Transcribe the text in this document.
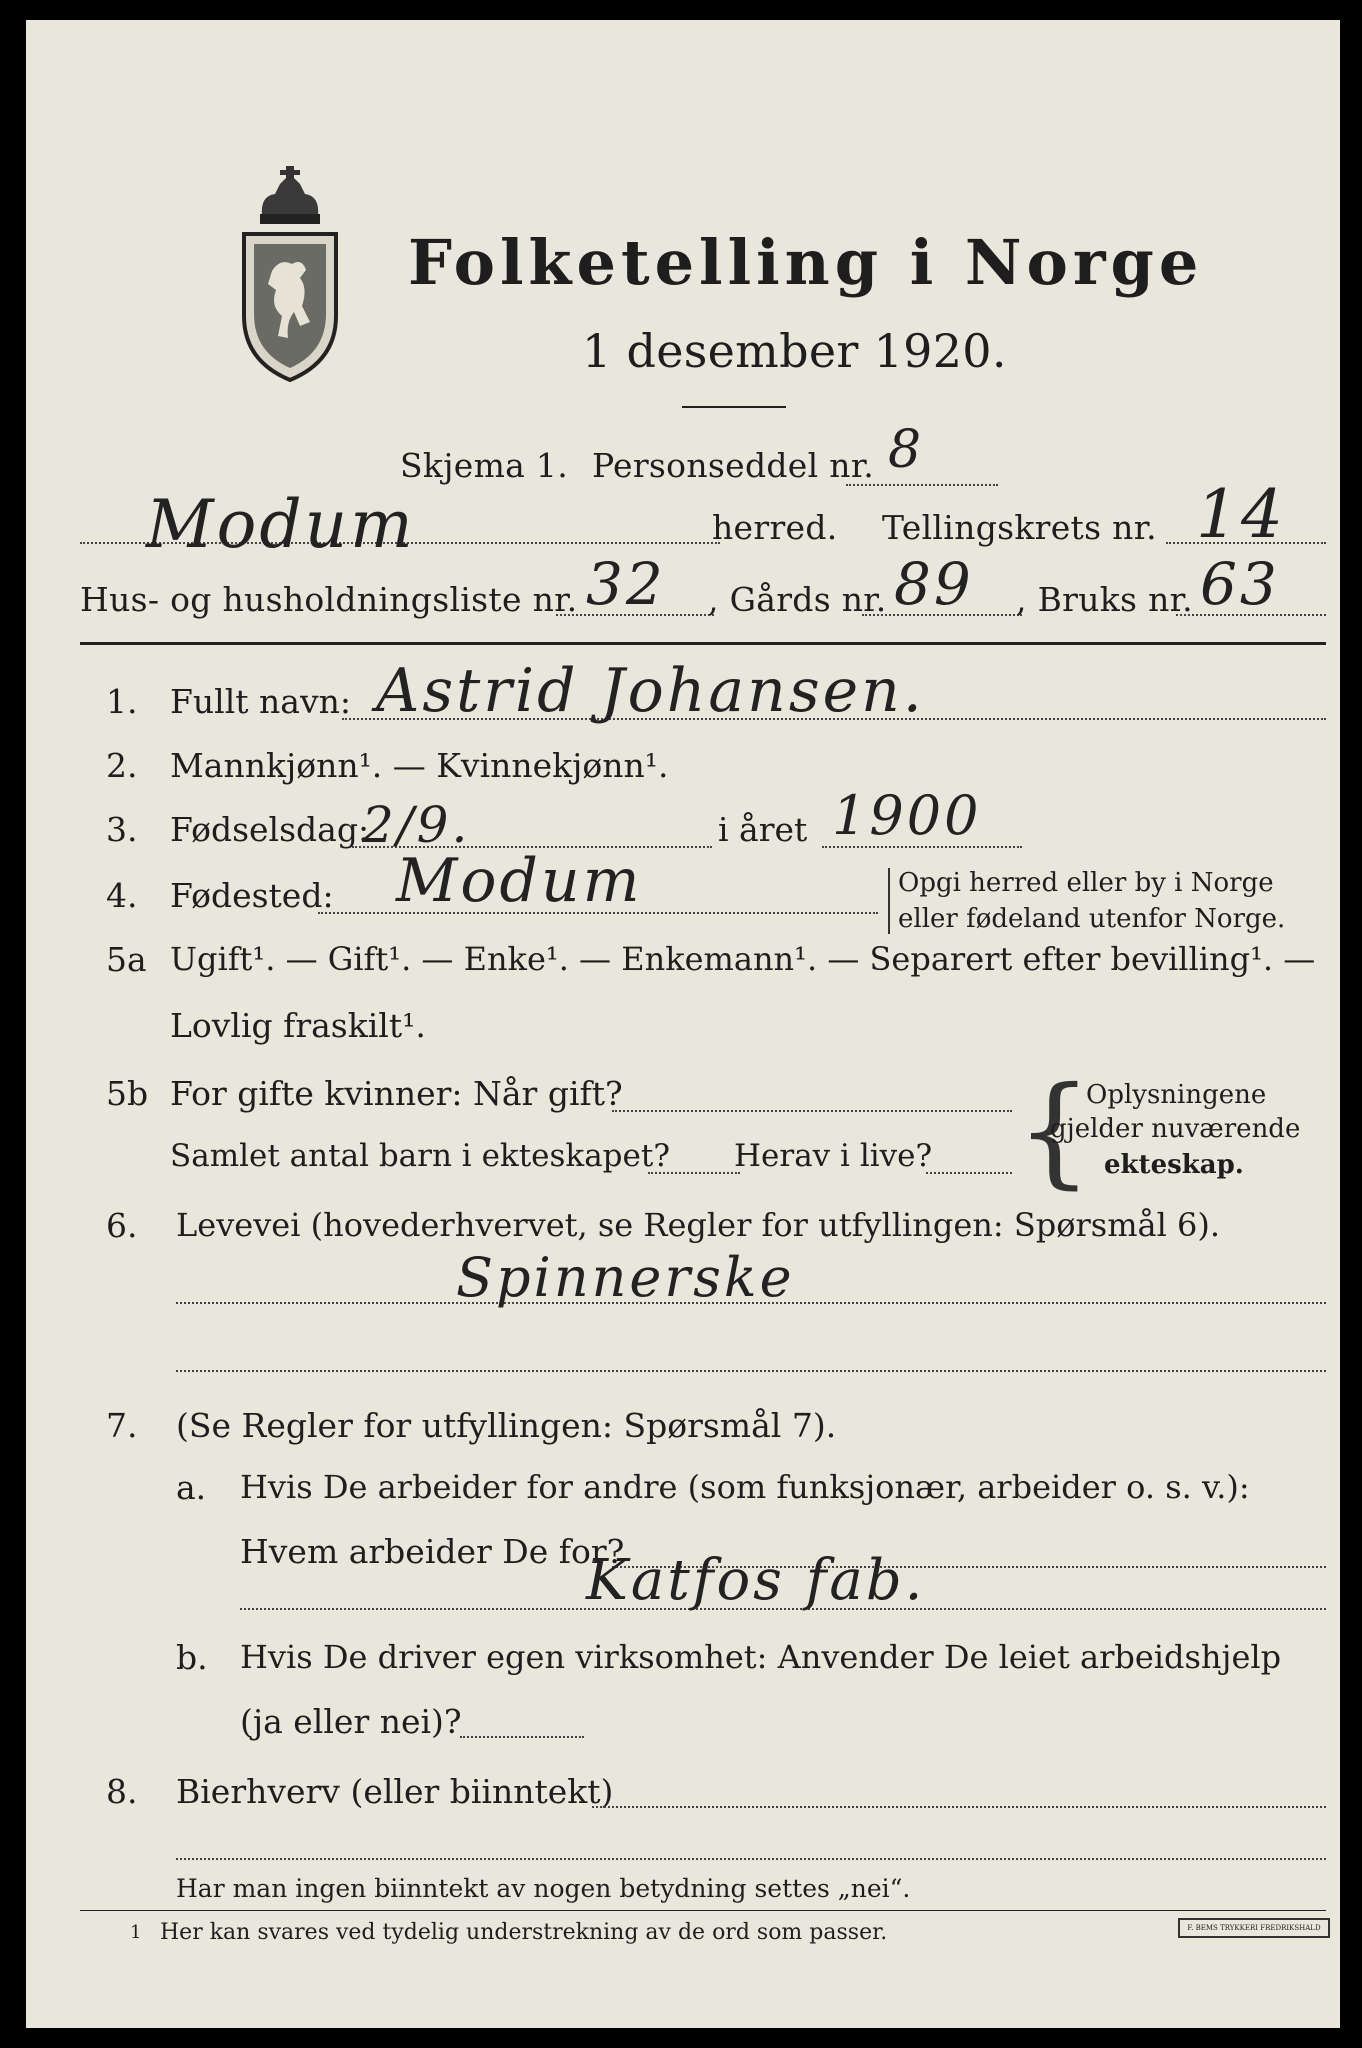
Folketelling i Norge
1 desember 1920.
Skjema 1. Personseddel nr. 8
Modum	herred. Tellingskrets nr. 14
Hus- og husholdningsliste nr. 32 , Gårds nr. 89 , Bruks nr. 63
1. Fullt navn: Astrid Johansen.
2. Mannkjønn¹. — Kvinnekjønn¹.
3. Fødselsdag:
2/9.	i året 1900
4. Fødested: Modum	Opgi herred eller by i Norge
eller fødeland utenfor Norge.
5a Ugift¹. — Gift¹. — Enke¹. — Enkemann¹. — Separert efter bevilling¹. —
Lovlig fraskilt¹.
5b For gifte kvinner: Når gift?
Samlet antal barn i ekteskapet? Herav i live? {
Oplysningene
gjelder nuværende
ekteskap.
6. Levevei (hovederhvervet, se Regler for utfyllingen: Spørsmål 6).
Spinnerske
7. (Se Regler for utfyllingen: Spørsmål 7).
a. Hvis De arbeider for andre (som funksjonær, arbeider o. s. v.):
Hvem arbeider De for?
Katfos fab.
b. Hvis De driver egen virksomhet: Anvender De leiet arbeidshjelp
(ja eller nei)?
8. Bierhverv (eller biinntekt)
Har man ingen biinntekt av nogen betydning settes „nei“.
1 Her kan svares ved tydelig understrekning av de ord som passer.	F. BEMS TRYKKERI FREDRIKSHALD
